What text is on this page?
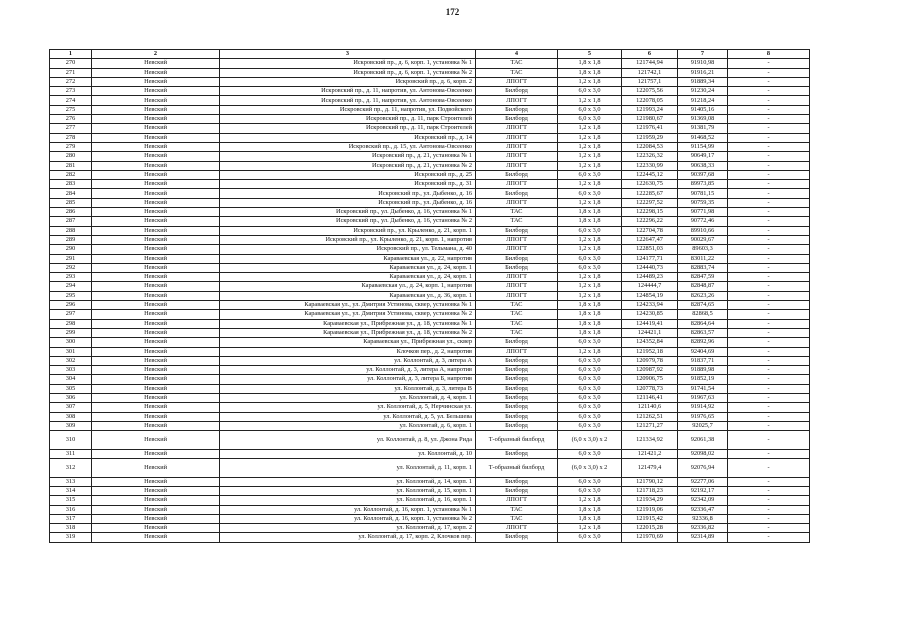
172
1	2	3	4	5	6	7	8
270	Невский	Искровский пр., д. 6, корп. 1, установка № 1	ТАС	1,8 х 1,8	121744,94	91910,98	-
271	Невский	Искровский пр., д. 6, корп. 1, установка № 2	ТАС	1,8 х 1,8	121742,1	91916,21	-
272	Невский	Искровский пр., д. 6, корп. 2	ЛПОГТ	1,2 х 1,8	121757,1	91889,34	-
273	Невский	Искровский пр., д. 11, напротив, ул. Антонова-Овсеенко	Билборд	6,0 х 3,0	122075,56	91230,24	-
274	Невский	Искровский пр., д. 11, напротив, ул. Антонова-Овсеенко	ЛПОГТ	1,2 х 1,8	122078,05	91218,24	-
275	Невский	Искровский пр., д. 11, напротив, ул. Подвойского	Билборд	6,0 х 3,0	121993,24	91405,16	-
276	Невский	Искровский пр., д. 11, парк Строителей	Билборд	6,0 х 3,0	121980,67	91369,08	-
277	Невский	Искровский пр., д. 11, парк Строителей	ЛПОГТ	1,2 х 1,8	121976,41	91381,79	-
278	Невский	Искровский пр., д. 14	ЛПОГТ	1,2 х 1,8	121959,29	91468,52	-
279	Невский	Искровский пр., д. 15, ул. Антонова-Овсеенко	ЛПОГТ	1,2 х 1,8	122084,53	91154,99	-
280	Невский	Искровский пр., д. 21, установка № 1	ЛПОГТ	1,2 х 1,8	122326,32	90649,17	-
281	Невский	Искровский пр., д. 21, установка № 2	ЛПОГТ	1,2 х 1,8	122330,99	90638,33	-
282	Невский	Искровский пр., д. 25	Билборд	6,0 х 3,0	122445,12	90397,68	-
283	Невский	Искровский пр., д. 31	ЛПОГТ	1,2 х 1,8	122630,75	89973,85	-
284	Невский	Искровский пр., ул. Дыбенко, д. 16	Билборд	6,0 х 3,0	122285,67	90781,15	-
285	Невский	Искровский пр., ул. Дыбенко, д. 16	ЛПОГТ	1,2 х 1,8	122297,52	90759,35	-
286	Невский	Искровский пр., ул. Дыбенко, д. 16, установка № 1	ТАС	1,8 х 1,8	122298,15	90771,98	-
287	Невский	Искровский пр., ул. Дыбенко, д. 16, установка № 2	ТАС	1,8 х 1,8	122296,22	90772,46	-
288	Невский	Искровский пр., ул. Крыленко, д. 21, корп. 1	Билборд	6,0 х 3,0	122704,78	89910,66	-
289	Невский	Искровский пр., ул. Крыленко, д. 21, корп. 1, напротив	ЛПОГТ	1,2 х 1,8	122647,47	90029,67	-
290	Невский	Искровский пр., ул. Тельмана, д. 40	ЛПОГТ	1,2 х 1,8	122851,03	89603,3	-
291	Невский	Караваевская ул., д. 22, напротив	Билборд	6,0 х 3,0	124177,71	83011,22	-
292	Невский	Караваевская ул., д. 24, корп. 1	Билборд	6,0 х 3,0	124440,73	82883,74	-
293	Невский	Караваевская ул., д. 24, корп. 1	ЛПОГТ	1,2 х 1,8	124489,23	82847,59	-
294	Невский	Караваевская ул., д. 24, корп. 1, напротив	ЛПОГТ	1,2 х 1,8	124444,7	82848,87	-
295	Невский	Караваевская ул., д. 36, корп. 1	ЛПОГТ	1,2 х 1,8	124854,19	82623,26	-
296	Невский	Караваевская ул., ул. Дмитрия Устинова, сквер, установка № 1	ТАС	1,8 х 1,8	124233,94	82874,65	-
297	Невский	Караваевская ул., ул. Дмитрия Устинова, сквер, установка № 2	ТАС	1,8 х 1,8	124230,85	82868,5	-
298	Невский	Караваевская ул., Прибрежная ул., д. 18, установка № 1	ТАС	1,8 х 1,8	124419,41	82864,64	-
299	Невский	Караваевская ул., Прибрежная ул., д. 18, установка № 2	ТАС	1,8 х 1,8	124421,1	82863,57	-
300	Невский	Караваевская ул., Прибрежная ул., сквер	Билборд	6,0 х 3,0	124352,84	82892,96	-
301	Невский	Клочков пер., д. 2, напротив	ЛПОГТ	1,2 х 1,8	121952,18	92404,69	-
302	Невский	ул. Коллонтай, д. 3, литера А	Билборд	6,0 х 3,0	120979,78	91837,71	-
303	Невский	ул. Коллонтай, д. 3, литера А, напротив	Билборд	6,0 х 3,0	120987,92	91889,98	-
304	Невский	ул. Коллонтай, д. 3, литера Б, напротив	Билборд	6,0 х 3,0	120906,75	91852,19	-
305	Невский	ул. Коллонтай, д. 3, литера В	Билборд	6,0 х 3,0	120778,73	91741,54	-
306	Невский	ул. Коллонтай, д. 4, корп. 1	Билборд	6,0 х 3,0	121146,41	91967,63	-
307	Невский	ул. Коллонтай, д. 5, Нерчинская ул.	Билборд	6,0 х 3,0	121140,6	91914,92	-
308	Невский	ул. Коллонтай, д. 5, ул. Бельшева	Билборд	6,0 х 3,0	121262,51	91976,65	-
309	Невский	ул. Коллонтай, д. 6, корп. 1	Билборд	6,0 х 3,0	121271,27	92025,7	-
310	Невский	ул. Коллонтай, д. 8, ул. Джона Рида	Т-образный билборд	(6,0 х 3,0) х 2	121334,92	92061,38	-
311	Невский	ул. Коллонтай, д. 10	Билборд	6,0 х 3,0	121421,2	92098,02	-
312	Невский	ул. Коллонтай, д. 11, корп. 1	Т-образный билборд	(6,0 х 3,0) х 2	121479,4	92076,94	-
313	Невский	ул. Коллонтай, д. 14, корп. 1	Билборд	6,0 х 3,0	121790,12	92277,06	-
314	Невский	ул. Коллонтай, д. 15, корп. 1	Билборд	6,0 х 3,0	121718,23	92192,17	-
315	Невский	ул. Коллонтай, д. 16, корп. 1	ЛПОГТ	1,2 х 1,8	121934,29	92342,09	-
316	Невский	ул. Коллонтай, д. 16, корп. 1, установка № 1	ТАС	1,8 х 1,8	121919,06	92336,47	-
317	Невский	ул. Коллонтай, д. 16, корп. 1, установка № 2	ТАС	1,8 х 1,8	121915,42	92336,8	-
318	Невский	ул. Коллонтай, д. 17, корп. 2	ЛПОГТ	1,2 х 1,8	122015,28	92336,82	-
319	Невский	ул. Коллонтай, д. 17, корп. 2, Клочков пер.	Билборд	6,0 х 3,0	121970,69	92314,89	-
